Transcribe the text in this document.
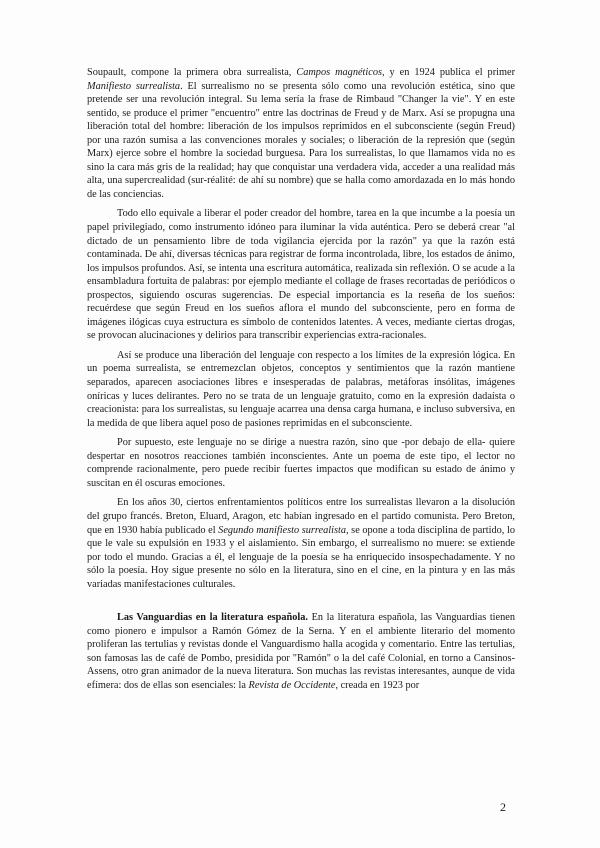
Soupault, compone la primera obra surrealista, Campos magnéticos, y en 1924 publica el primer Manifiesto surrealista. El surrealismo no se presenta sólo como una revolución estética, sino que pretende ser una revolución integral. Su lema sería la frase de Rimbaud "Changer la vie". Y en este sentido, se produce el primer "encuentro" entre las doctrinas de Freud y de Marx. Así se propugna una liberación total del hombre: liberación de los impulsos reprimidos en el subconsciente (según Freud) por una razón sumisa a las convenciones morales y sociales; o liberación de la represión que (según Marx) ejerce sobre el hombre la sociedad burguesa. Para los surrealistas, lo que llamamos vida no es sino la cara más gris de la realidad; hay que conquistar una verdadera vida, acceder a una realidad más alta, una supercrealidad (sur-réalité: de ahí su nombre) que se halla como amordazada en lo más hondo de las conciencias.

Todo ello equivale a liberar el poder creador del hombre, tarea en la que incumbe a la poesía un papel privilegiado, como instrumento idóneo para iluminar la vida auténtica. Pero se deberá crear "al dictado de un pensamiento libre de toda vigilancia ejercida por la razón" ya que la razón está contaminada. De ahí, diversas técnicas para registrar de forma incontrolada, libre, los estados de ánimo, los impulsos profundos. Así, se intenta una escritura automática, realizada sin reflexión. O se acude a la ensambladura fortuita de palabras: por ejemplo mediante el collage de frases recortadas de periódicos o prospectos, siguiendo oscuras sugerencias. De especial importancia es la reseña de los sueños: recuérdese que según Freud en los sueños aflora el mundo del subconsciente, pero en forma de imágenes ilógicas cuya estructura es símbolo de contenidos latentes. A veces, mediante ciertas drogas, se provocan alucinaciones y delirios para transcribir experiencias extra-racionales.

Así se produce una liberación del lenguaje con respecto a los límites de la expresión lógica. En un poema surrealista, se entremezclan objetos, conceptos y sentimientos que la razón mantiene separados, aparecen asociaciones libres e insesperadas de palabras, metáforas insólitas, imágenes oníricas y luces delirantes. Pero no se trata de un lenguaje gratuito, como en la expresión dadaísta o creacionista: para los surrealistas, su lenguaje acarrea una densa carga humana, e incluso subversiva, en la medida de que libera aquel poso de pasiones reprimidas en el subconsciente.

Por supuesto, este lenguaje no se dirige a nuestra razón, sino que -por debajo de ella- quiere despertar en nosotros reacciones también inconscientes. Ante un poema de este tipo, el lector no comprende racionalmente, pero puede recibir fuertes impactos que modifican su estado de ánimo y suscitan en él oscuras emociones.

En los años 30, ciertos enfrentamientos políticos entre los surrealistas llevaron a la disolución del grupo francés. Breton, Eluard, Aragon, etc habían ingresado en el partido comunista. Pero Breton, que en 1930 había publicado el Segundo manifiesto surrealista, se opone a toda disciplina de partido, lo que le vale su expulsión en 1933 y el aislamiento. Sin embargo, el surrealismo no muere: se extiende por todo el mundo. Gracias a él, el lenguaje de la poesía se ha enriquecido insospechadamente. Y no sólo la poesía. Hoy sigue presente no sólo en la literatura, sino en el cine, en la pintura y en las más variadas manifestaciones culturales.

Las Vanguardias en la literatura española. En la literatura española, las Vanguardias tienen como pionero e impulsor a Ramón Gómez de la Serna. Y en el ambiente literario del momento proliferan las tertulias y revistas donde el Vanguardismo halla acogida y comentario. Entre las tertulias, son famosas las de café de Pombo, presidida por "Ramón" o la del café Colonial, en torno a Cansinos-Assens, otro gran animador de la nueva literatura. Son muchas las revistas interesantes, aunque de vida efímera: dos de ellas son esenciales: la Revista de Occidente, creada en 1923 por

2
